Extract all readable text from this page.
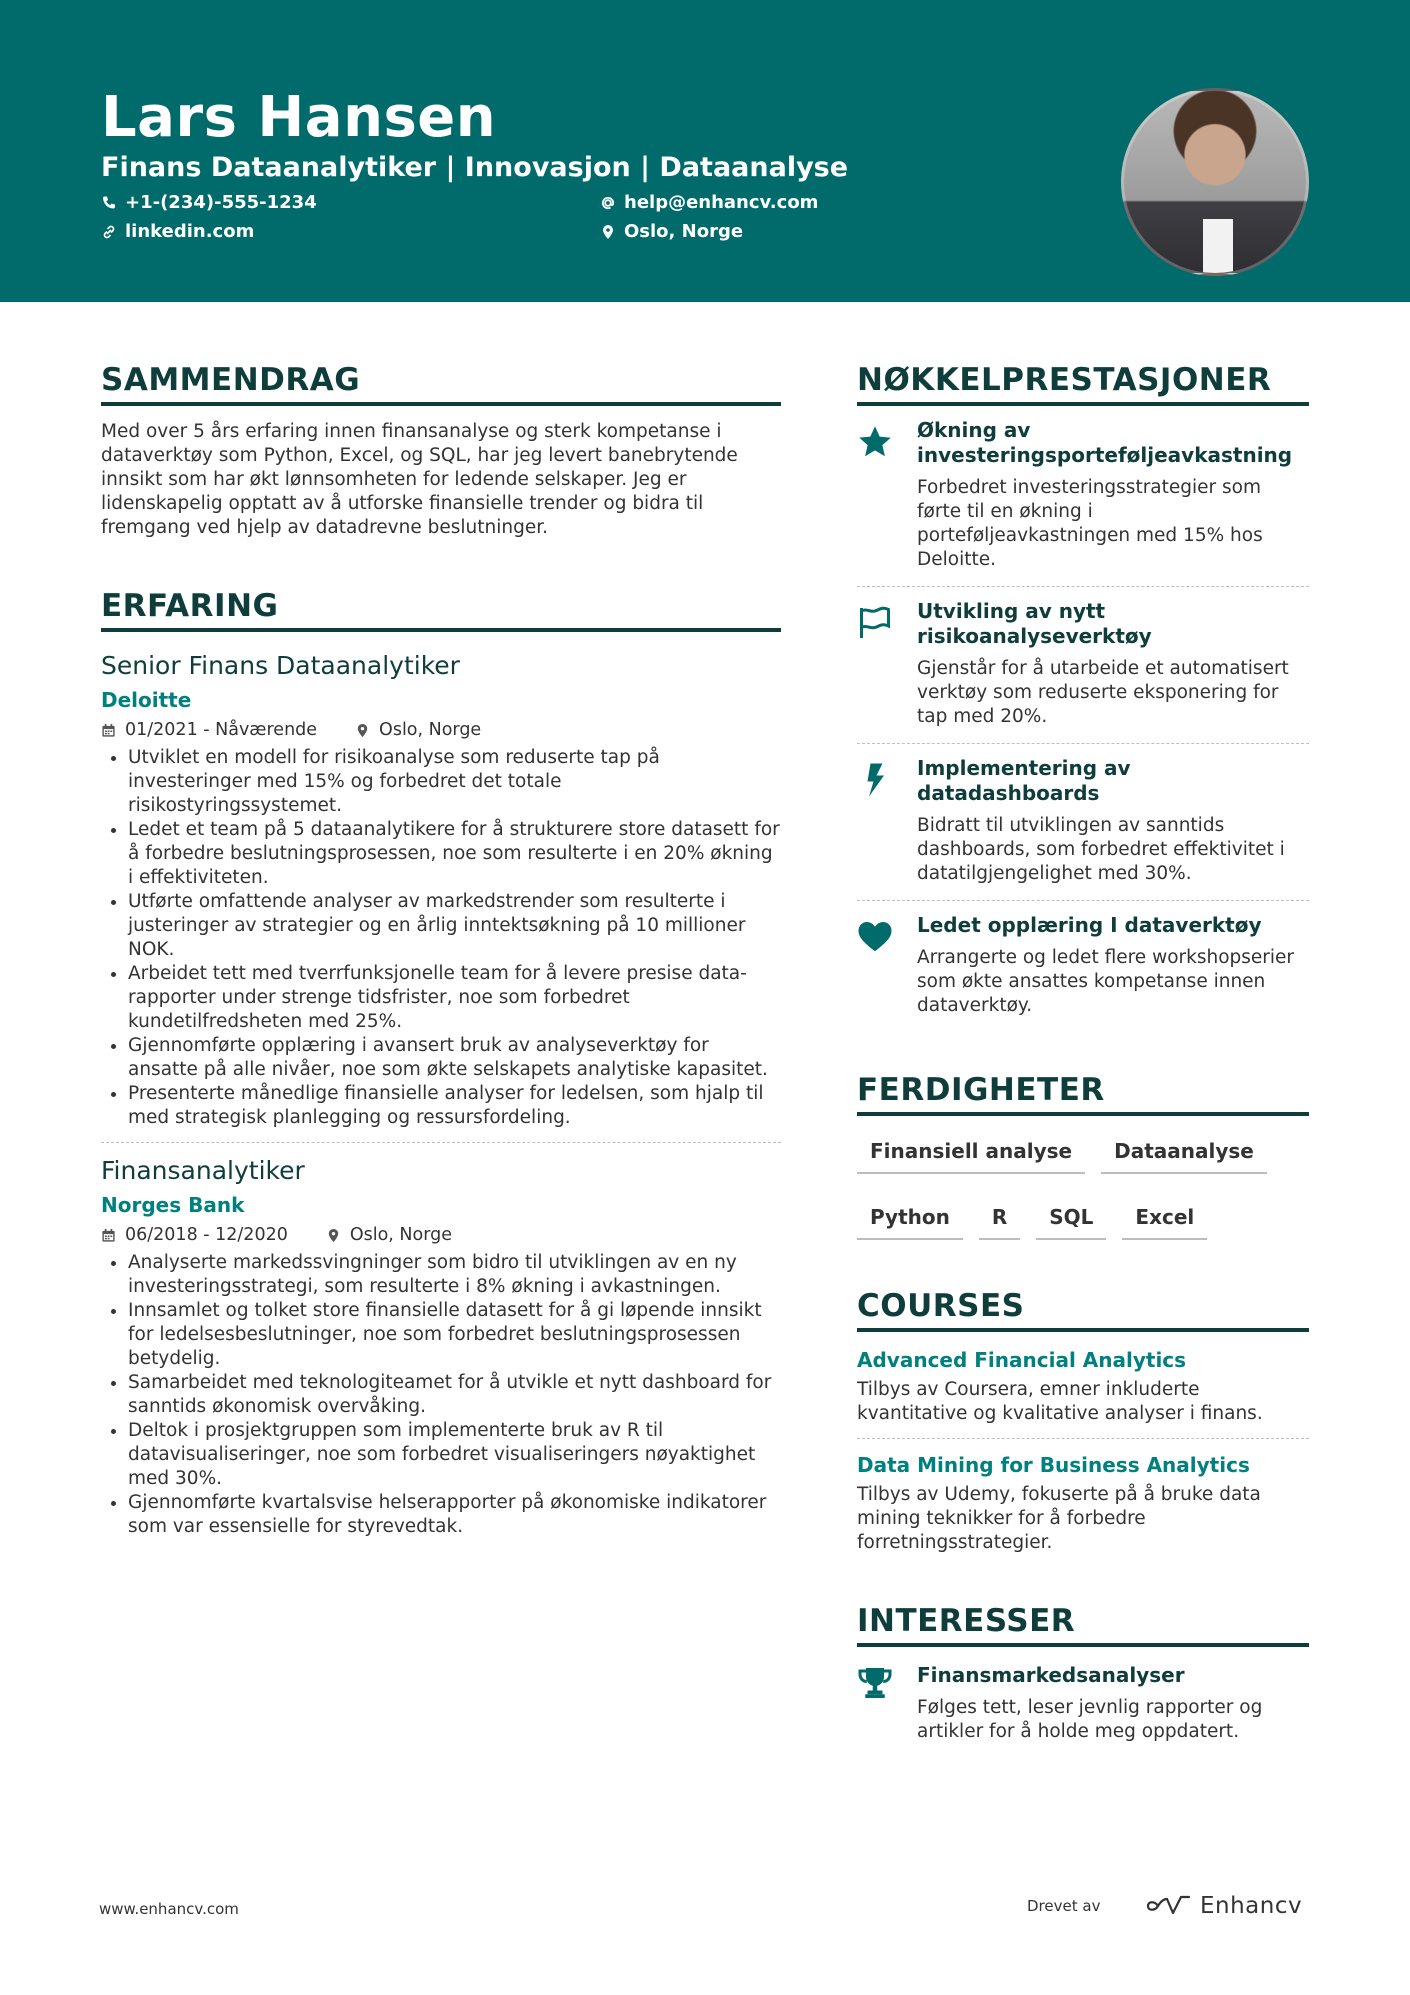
Lars Hansen
Finans Dataanalytiker | Innovasjon | Dataanalyse
+1-(234)-555-1234	help@enhancv.com
linkedin.com	Oslo, Norge
SAMMENDRAG
Med over 5 års erfaring innen finansanalyse og sterk kompetanse i dataverktøy som Python, Excel, og SQL, har jeg levert banebrytende innsikt som har økt lønnsomheten for ledende selskaper. Jeg er lidenskapelig opptatt av å utforske finansielle trender og bidra til fremgang ved hjelp av datadrevne beslutninger.
ERFARING
Senior Finans Dataanalytiker
Deloitte
01/2021 - Nåværende	Oslo, Norge
• Utviklet en modell for risikoanalyse som reduserte tap på investeringer med 15% og forbedret det totale risikostyringssystemet.
• Ledet et team på 5 dataanalytikere for å strukturere store datasett for å forbedre beslutningsprosessen, noe som resulterte i en 20% økning i effektiviteten.
• Utførte omfattende analyser av markedstrender som resulterte i justeringer av strategier og en årlig inntektsøkning på 10 millioner NOK.
• Arbeidet tett med tverrfunksjonelle team for å levere presise data-rapporter under strenge tidsfrister, noe som forbedret kundetilfredsheten med 25%.
• Gjennomførte opplæring i avansert bruk av analyseverktøy for ansatte på alle nivåer, noe som økte selskapets analytiske kapasitet.
• Presenterte månedlige finansielle analyser for ledelsen, som hjalp til med strategisk planlegging og ressursfordeling.
Finansanalytiker
Norges Bank
06/2018 - 12/2020	Oslo, Norge
• Analyserte markedssvingninger som bidro til utviklingen av en ny investeringsstrategi, som resulterte i 8% økning i avkastningen.
• Innsamlet og tolket store finansielle datasett for å gi løpende innsikt for ledelsesbeslutninger, noe som forbedret beslutningsprosessen betydelig.
• Samarbeidet med teknologiteamet for å utvikle et nytt dashboard for sanntids økonomisk overvåking.
• Deltok i prosjektgruppen som implementerte bruk av R til datavisualiseringer, noe som forbedret visualiseringers nøyaktighet med 30%.
• Gjennomførte kvartalsvise helserapporter på økonomiske indikatorer som var essensielle for styrevedtak.
NØKKELPRESTASJONER
Økning av investeringsporteføljeavkastning
Forbedret investeringsstrategier som førte til en økning i porteføljeavkastningen med 15% hos Deloitte.
Utvikling av nytt risikoanalyseverktøy
Gjenstår for å utarbeide et automatisert verktøy som reduserte eksponering for tap med 20%.
Implementering av datadashboards
Bidratt til utviklingen av sanntids dashboards, som forbedret effektivitet i datatilgjengelighet med 30%.
Ledet opplæring I dataverktøy
Arrangerte og ledet flere workshopserier som økte ansattes kompetanse innen dataverktøy.
FERDIGHETER
Finansiell analyse	Dataanalyse
Python	R	SQL	Excel
COURSES
Advanced Financial Analytics
Tilbys av Coursera, emner inkluderte kvantitative og kvalitative analyser i finans.
Data Mining for Business Analytics
Tilbys av Udemy, fokuserte på å bruke data mining teknikker for å forbedre forretningsstrategier.
INTERESSER
Finansmarkedsanalyser
Følges tett, leser jevnlig rapporter og artikler for å holde meg oppdatert.
www.enhancv.com	Drevet av	Enhancv
